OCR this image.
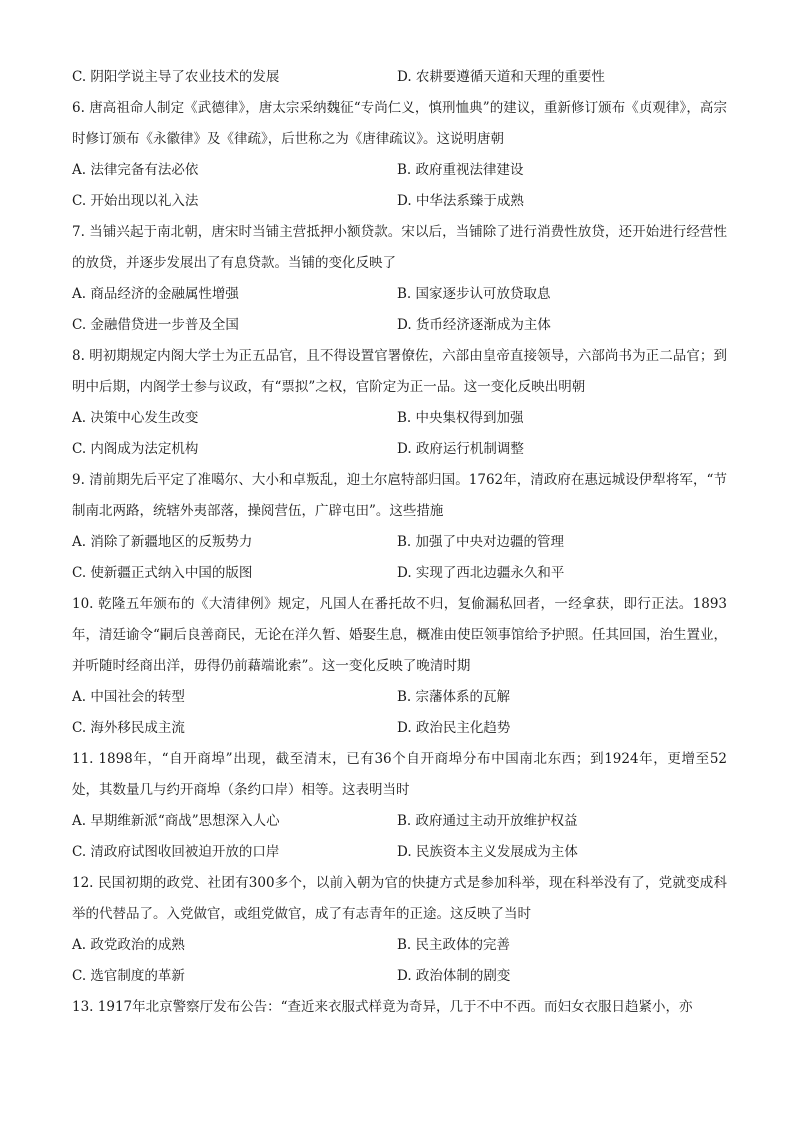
C. 阴阳学说主导了农业技术的发展	D. 农耕要遵循天道和天理的重要性

6. 唐高祖命人制定《武德律》，唐太宗采纳魏征“专尚仁义，慎刑恤典”的建议，重新修订颁布《贞观律》，高宗时修订颁布《永徽律》及《律疏》，后世称之为《唐律疏议》。这说明唐朝

A. 法律完备有法必依	B. 政府重视法律建设
C. 开始出现以礼入法	D. 中华法系臻于成熟

7. 当铺兴起于南北朝，唐宋时当铺主营抵押小额贷款。宋以后，当铺除了进行消费性放贷，还开始进行经营性的放贷，并逐步发展出了有息贷款。当铺的变化反映了

A. 商品经济的金融属性增强	B. 国家逐步认可放贷取息
C. 金融借贷进一步普及全国	D. 货币经济逐渐成为主体

8. 明初期规定内阁大学士为正五品官，且不得设置官署僚佐，六部由皇帝直接领导，六部尚书为正二品官；到明中后期，内阁学士参与议政，有“票拟”之权，官阶定为正一品。这一变化反映出明朝

A. 决策中心发生改变	B. 中央集权得到加强
C. 内阁成为法定机构	D. 政府运行机制调整

9. 清前期先后平定了准噶尔、大小和卓叛乱，迎土尔扈特部归国。1762年，清政府在惠远城设伊犁将军，“节制南北两路，统辖外夷部落，操阅营伍，广辟屯田”。这些措施

A. 消除了新疆地区的反叛势力	B. 加强了中央对边疆的管理
C. 使新疆正式纳入中国的版图	D. 实现了西北边疆永久和平

10. 乾隆五年颁布的《大清律例》规定，凡国人在番托故不归，复偷漏私回者，一经拿获，即行正法。1893年，清廷谕令“嗣后良善商民，无论在洋久暂、婚娶生息，概准由使臣领事馆给予护照。任其回国，治生置业，并听随时经商出洋，毋得仍前藉端讹索”。这一变化反映了晚清时期

A. 中国社会的转型	B. 宗藩体系的瓦解
C. 海外移民成主流	D. 政治民主化趋势

11. 1898年，“自开商埠”出现，截至清末，已有36个自开商埠分布中国南北东西；到1924年，更增至52处，其数量几与约开商埠（条约口岸）相等。这表明当时

A. 早期维新派“商战”思想深入人心	B. 政府通过主动开放维护权益
C. 清政府试图收回被迫开放的口岸	D. 民族资本主义发展成为主体

12. 民国初期的政党、社团有300多个，以前入朝为官的快捷方式是参加科举，现在科举没有了，党就变成科举的代替品了。入党做官，或组党做官，成了有志青年的正途。这反映了当时

A. 政党政治的成熟	B. 民主政体的完善
C. 选官制度的革新	D. 政治体制的剧变

13. 1917年北京警察厅发布公告：“查近来衣服式样竟为奇异，几于不中不西。而妇女衣服日趋紧小，亦
